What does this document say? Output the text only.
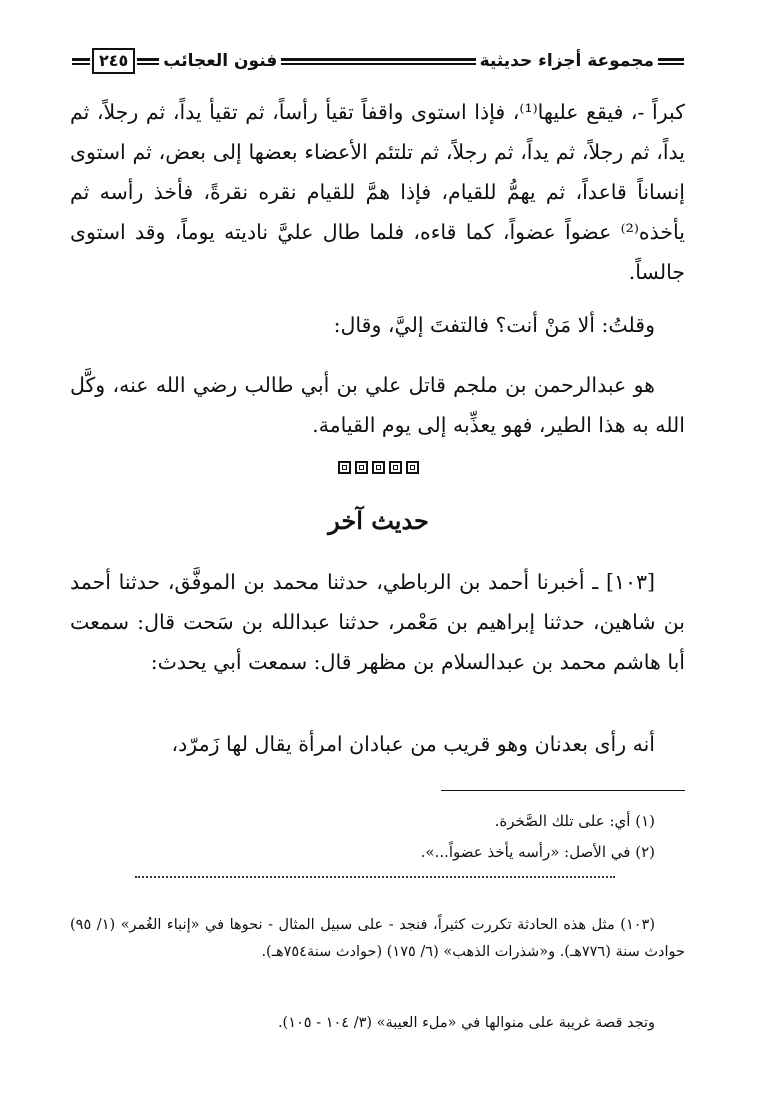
مجموعة أجزاء حديثية
فنون العجائب
٢٤٥

كبراً -، فيقع عليها⁽¹⁾، فإذا استوى واقفاً تقيأ رأساً، ثم تقيأ يداً، ثم رجلاً، ثم يداً، ثم رجلاً، ثم يداً، ثم رجلاً، ثم تلتئم الأعضاء بعضها إلى بعض، ثم استوى إنساناً قاعداً، ثم يهمُّ للقيام، فإذا همَّ للقيام نقره نقرةً، فأخذ رأسه ثم يأخذه⁽²⁾ عضواً عضواً، كما قاءه، فلما طال عليَّ ناديته يوماً، وقد استوى جالساً.

وقلتُ: ألا مَنْ أنت؟ فالتفتَ إليَّ، وقال:

هو عبدالرحمن بن ملجم قاتل علي بن أبي طالب رضي الله عنه، وكَّل الله به هذا الطير، فهو يعذِّبه إلى يوم القيامة.

حديث آخر

[١٠٣] ـ أخبرنا أحمد بن الرباطي، حدثنا محمد بن الموفَّق، حدثنا أحمد بن شاهين، حدثنا إبراهيم بن مَعْمر، حدثنا عبدالله بن سَحت قال: سمعت أبا هاشم محمد بن عبدالسلام بن مظهر قال: سمعت أبي يحدث:

أنه رأى بعدنان وهو قريب من عبادان امرأة يقال لها زَمرّد،

(١) أي: على تلك الصَّخرة.

(٢) في الأصل: «رأسه يأخذ عضواً...».

(١٠٣) مثل هذه الحادثة تكررت كثيراً، فنجد - على سبيل المثال - نحوها في «إنباء الغُمر» (١/ ٩٥) حوادث سنة (٧٧٦هـ). و«شذرات الذهب» (٦/ ١٧٥) (حوادث سنة٧٥٤هـ).

وتجد قصة غريبة على منوالها في «ملء العيبة» (٣/ ١٠٤ - ١٠٥).
